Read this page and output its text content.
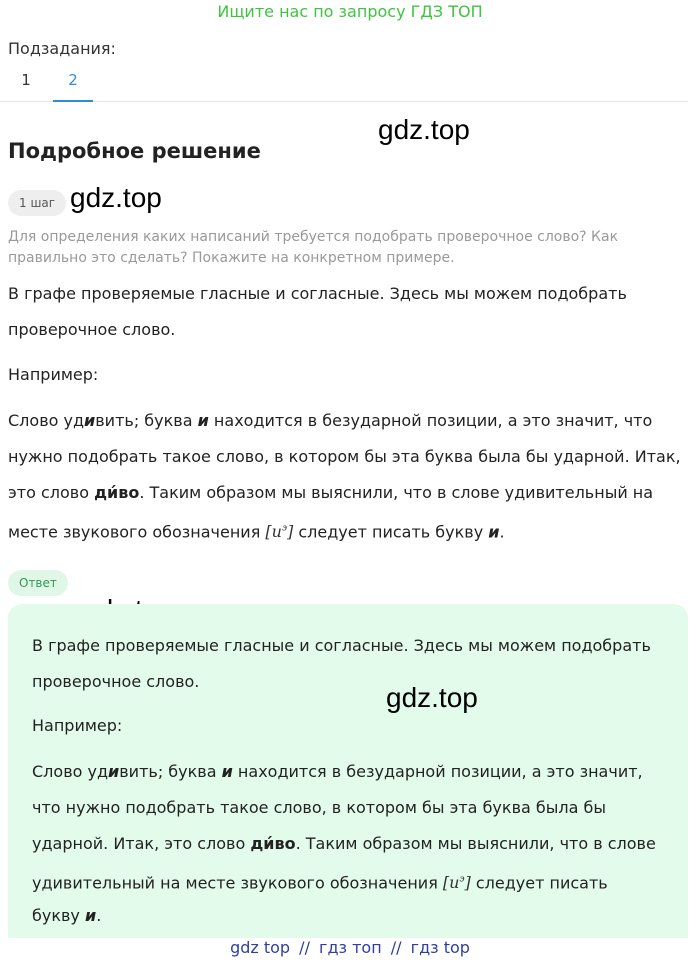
Ищите нас по запросу ГДЗ ТОП
Подзадания:
1	2
Подробное решение
gdz.top
gdz.top
gdz.top
1 шаг
Для определения каких написаний требуется подобрать проверочное слово? Как правильно это сделать? Покажите на конкретном примере.
В графе проверяемые гласные и согласные. Здесь мы можем подобрать
проверочное слово.
Например:
Слово удивить; буква и находится в безударной позиции, а это значит, что
нужно подобрать такое слово, в котором бы эта буква была бы ударной. Итак,
это слово ди́во. Таким образом мы выяснили, что в слове удивительный на
месте звукового обозначения $[и^э]$ следует писать букву и.
Ответ
В графе проверяемые гласные и согласные. Здесь мы можем подобрать
проверочное слово.
Например:
Слово удивить; буква и находится в безударной позиции, а это значит,
что нужно подобрать такое слово, в котором бы эта буква была бы
ударной. Итак, это слово ди́во. Таким образом мы выяснили, что в слове
удивительный на месте звукового обозначения $[и^э]$ следует писать
букву и.
gdz top // гдз топ // гдз top
